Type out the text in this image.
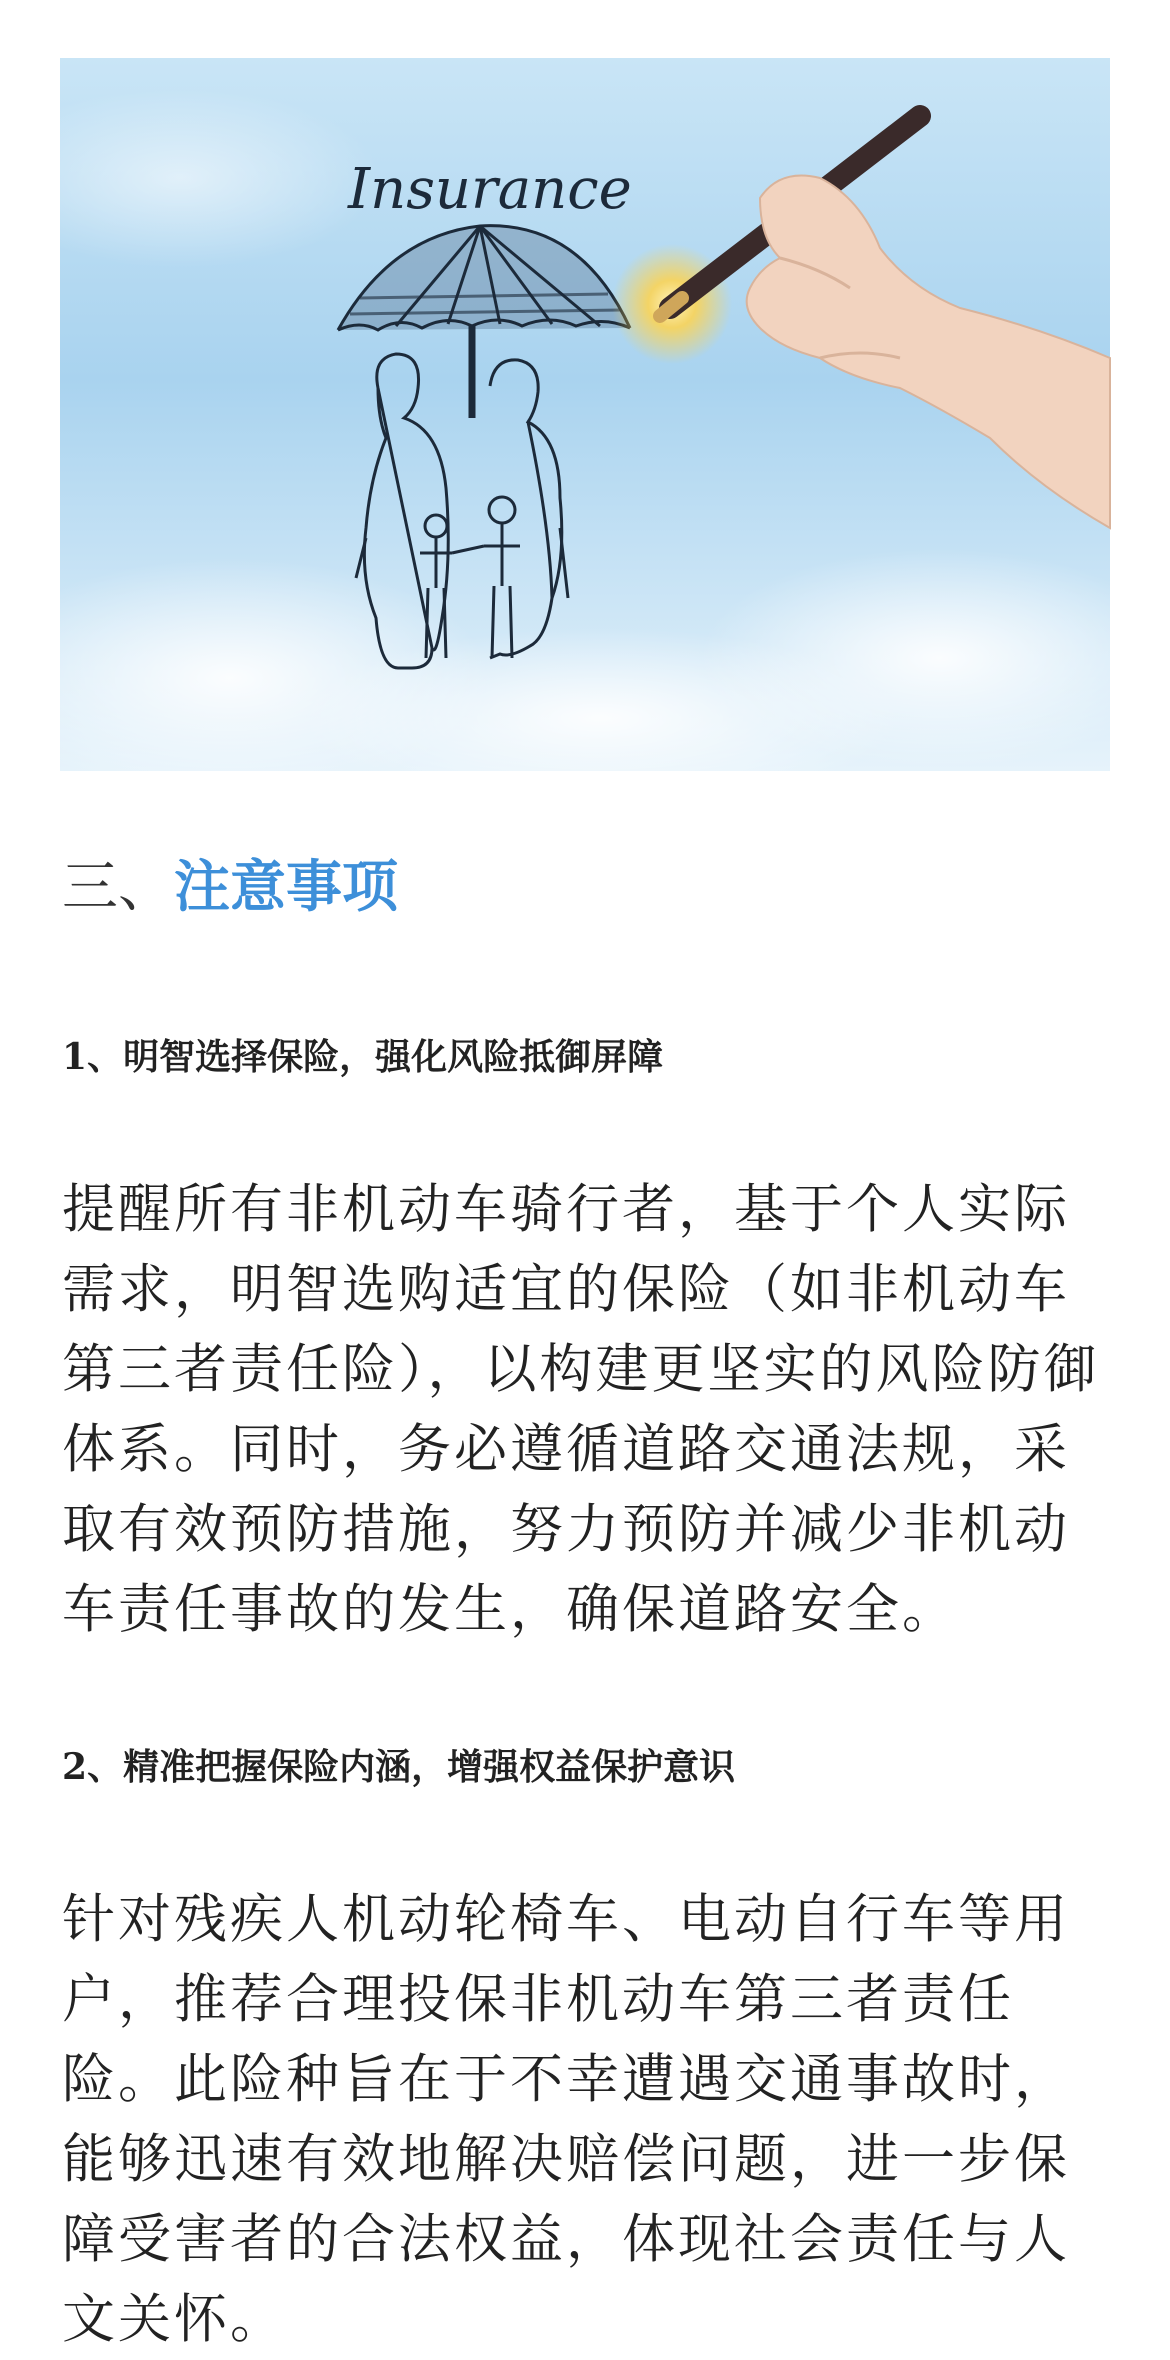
Insurance
三、注意事项
1、明智选择保险，强化风险抵御屏障

提醒所有非机动车骑行者，基于个人实际需求，明智选购适宜的保险（如非机动车第三者责任险），以构建更坚实的风险防御体系。同时，务必遵循道路交通法规，采取有效预防措施，努力预防并减少非机动车责任事故的发生，确保道路安全。

2、精准把握保险内涵，增强权益保护意识

针对残疾人机动轮椅车、电动自行车等用户，推荐合理投保非机动车第三者责任险。此险种旨在于不幸遭遇交通事故时，能够迅速有效地解决赔偿问题，进一步保障受害者的合法权益，体现社会责任与人文关怀。
